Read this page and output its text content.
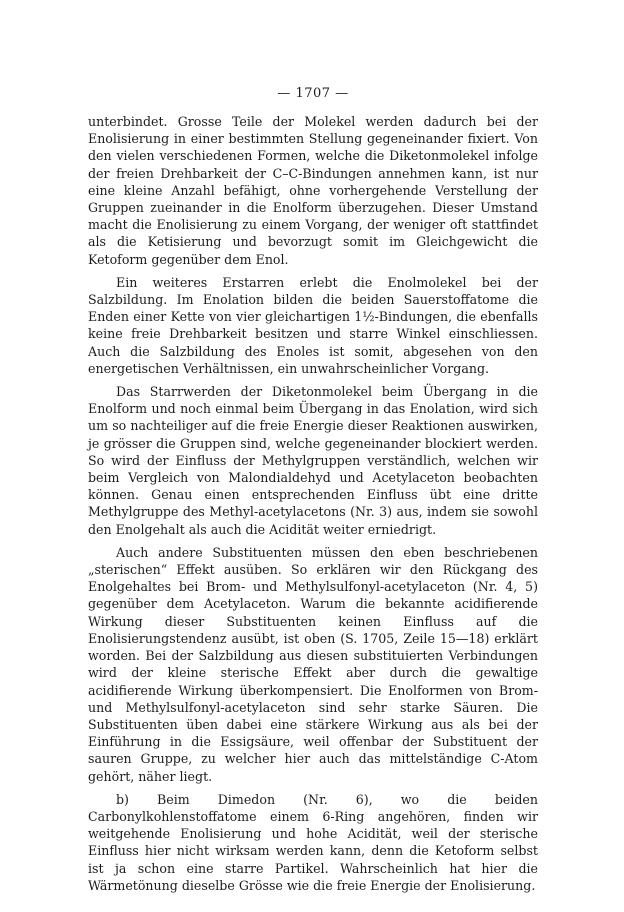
— 1707 —

unterbindet. Grosse Teile der Molekel werden dadurch bei der Enolisierung in einer bestimmten Stellung gegeneinander fixiert. Von den vielen verschiedenen Formen, welche die Diketonmolekel infolge der freien Drehbarkeit der C–C-Bindungen annehmen kann, ist nur eine kleine Anzahl befähigt, ohne vorhergehende Verstellung der Gruppen zueinander in die Enolform überzugehen. Dieser Umstand macht die Enolisierung zu einem Vorgang, der weniger oft stattfindet als die Ketisierung und bevorzugt somit im Gleichgewicht die Ketoform gegenüber dem Enol.

Ein weiteres Erstarren erlebt die Enolmolekel bei der Salzbildung. Im Enolation bilden die beiden Sauerstoffatome die Enden einer Kette von vier gleichartigen 1½-Bindungen, die ebenfalls keine freie Drehbarkeit besitzen und starre Winkel einschliessen. Auch die Salzbildung des Enoles ist somit, abgesehen von den energetischen Verhältnissen, ein unwahrscheinlicher Vorgang.

Das Starrwerden der Diketonmolekel beim Übergang in die Enolform und noch einmal beim Übergang in das Enolation, wird sich um so nachteiliger auf die freie Energie dieser Reaktionen auswirken, je grösser die Gruppen sind, welche gegeneinander blockiert werden. So wird der Einfluss der Methylgruppen verständlich, welchen wir beim Vergleich von Malondialdehyd und Acetylaceton beobachten können. Genau einen entsprechenden Einfluss übt eine dritte Methylgruppe des Methyl-acetylacetons (Nr. 3) aus, indem sie sowohl den Enolgehalt als auch die Acidität weiter erniedrigt.

Auch andere Substituenten müssen den eben beschriebenen „sterischen“ Effekt ausüben. So erklären wir den Rückgang des Enolgehaltes bei Brom- und Methylsulfonyl-acetylaceton (Nr. 4, 5) gegenüber dem Acetylaceton. Warum die bekannte acidifierende Wirkung dieser Substituenten keinen Einfluss auf die Enolisierungstendenz ausübt, ist oben (S. 1705, Zeile 15—18) erklärt worden. Bei der Salzbildung aus diesen substituierten Verbindungen wird der kleine sterische Effekt aber durch die gewaltige acidifierende Wirkung überkompensiert. Die Enolformen von Brom- und Methylsulfonyl-acetylaceton sind sehr starke Säuren. Die Substituenten üben dabei eine stärkere Wirkung aus als bei der Einführung in die Essigsäure, weil offenbar der Substituent der sauren Gruppe, zu welcher hier auch das mittelständige C-Atom gehört, näher liegt.

b) Beim Dimedon (Nr. 6), wo die beiden Carbonylkohlenstoffatome einem 6-Ring angehören, finden wir weitgehende Enolisierung und hohe Acidität, weil der sterische Einfluss hier nicht wirksam werden kann, denn die Ketoform selbst ist ja schon eine starre Partikel. Wahrscheinlich hat hier die Wärmetönung dieselbe Grösse wie die freie Energie der Enolisierung.
